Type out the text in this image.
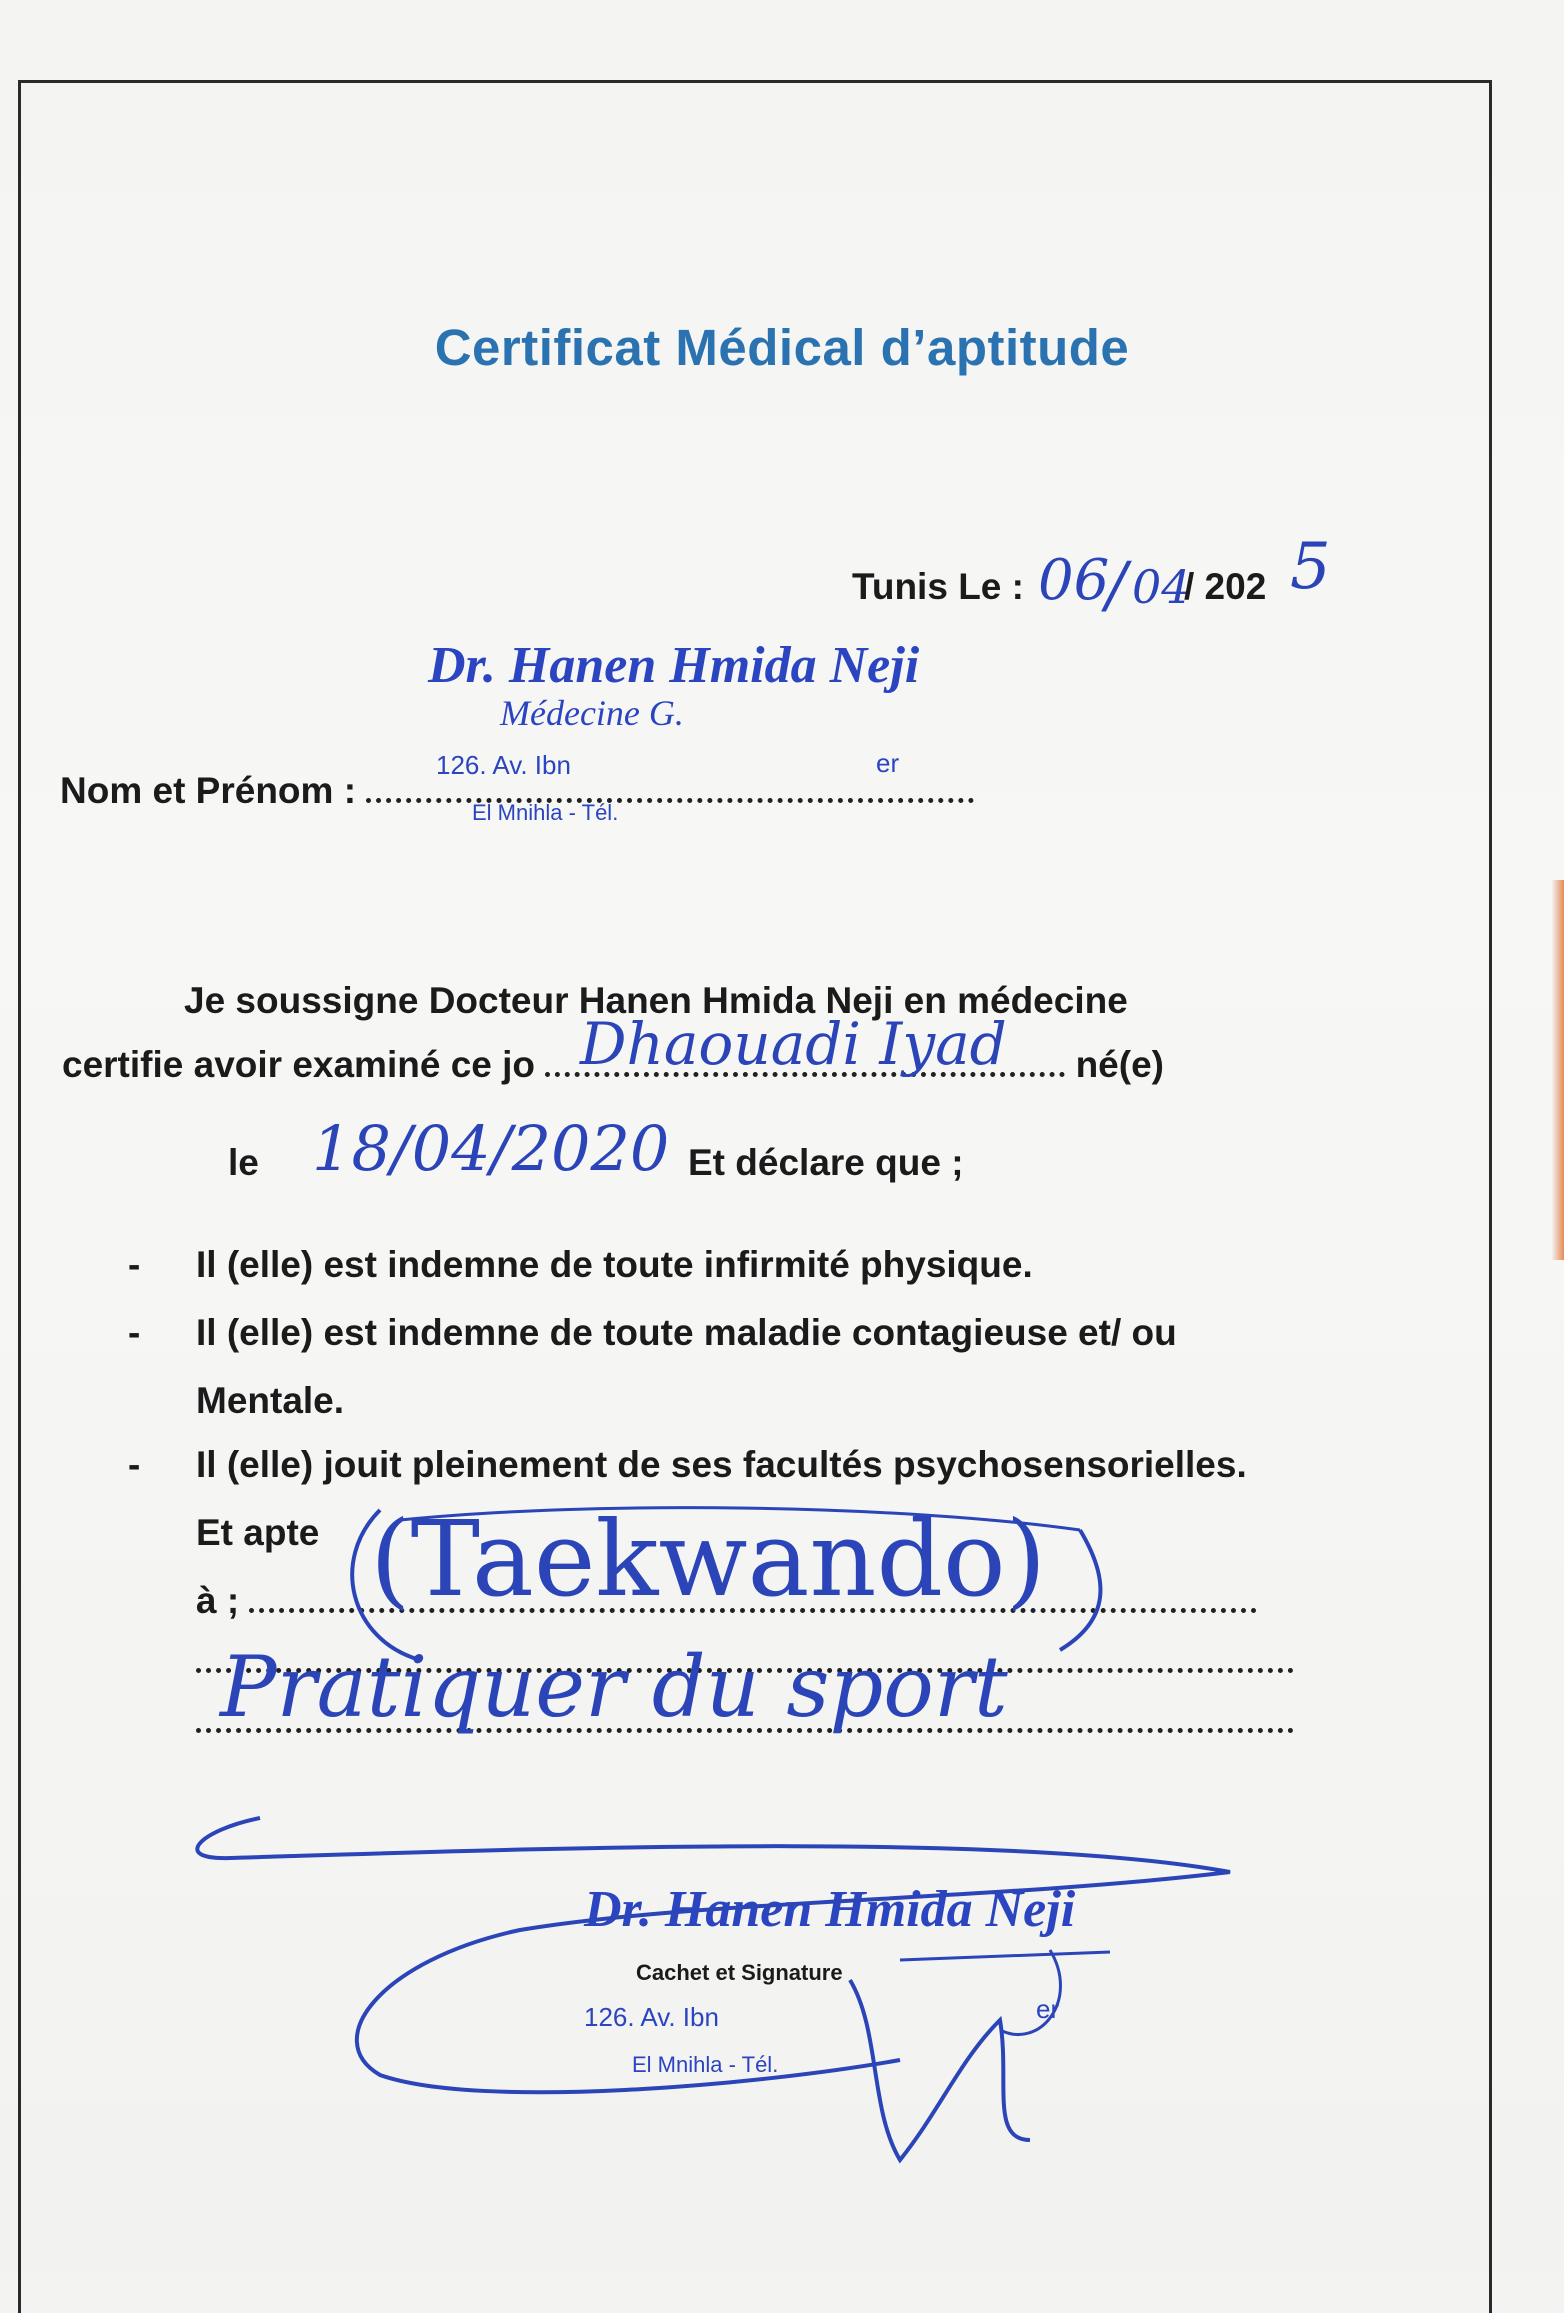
Certificat Médical d’aptitude
Tunis Le : 06
/ 04
/ 202 5
Dr. Hanen Hmida Neji
Médecine G.
126. Av. Ibn	er
El Mnihla - Tél.
Nom et Prénom :
Je soussigne Docteur Hanen Hmida Neji en médecine
certifie avoir examiné ce jo	né(e)
Dhaouadi Iyad
le 18/04/2020 Et déclare que ;
- Il (elle) est indemne de toute infirmité physique.
- Il (elle) est indemne de toute maladie contagieuse et/ ou
Mentale.
- Il (elle) jouit pleinement de ses facultés psychosensorielles.
Et apte
à ;	(Taekwando)
Pratiquer du sport
Dr. Hanen Hmida Neji
Cachet et Signature
126. Av. Ibn	er
El Mnihla - Tél.
